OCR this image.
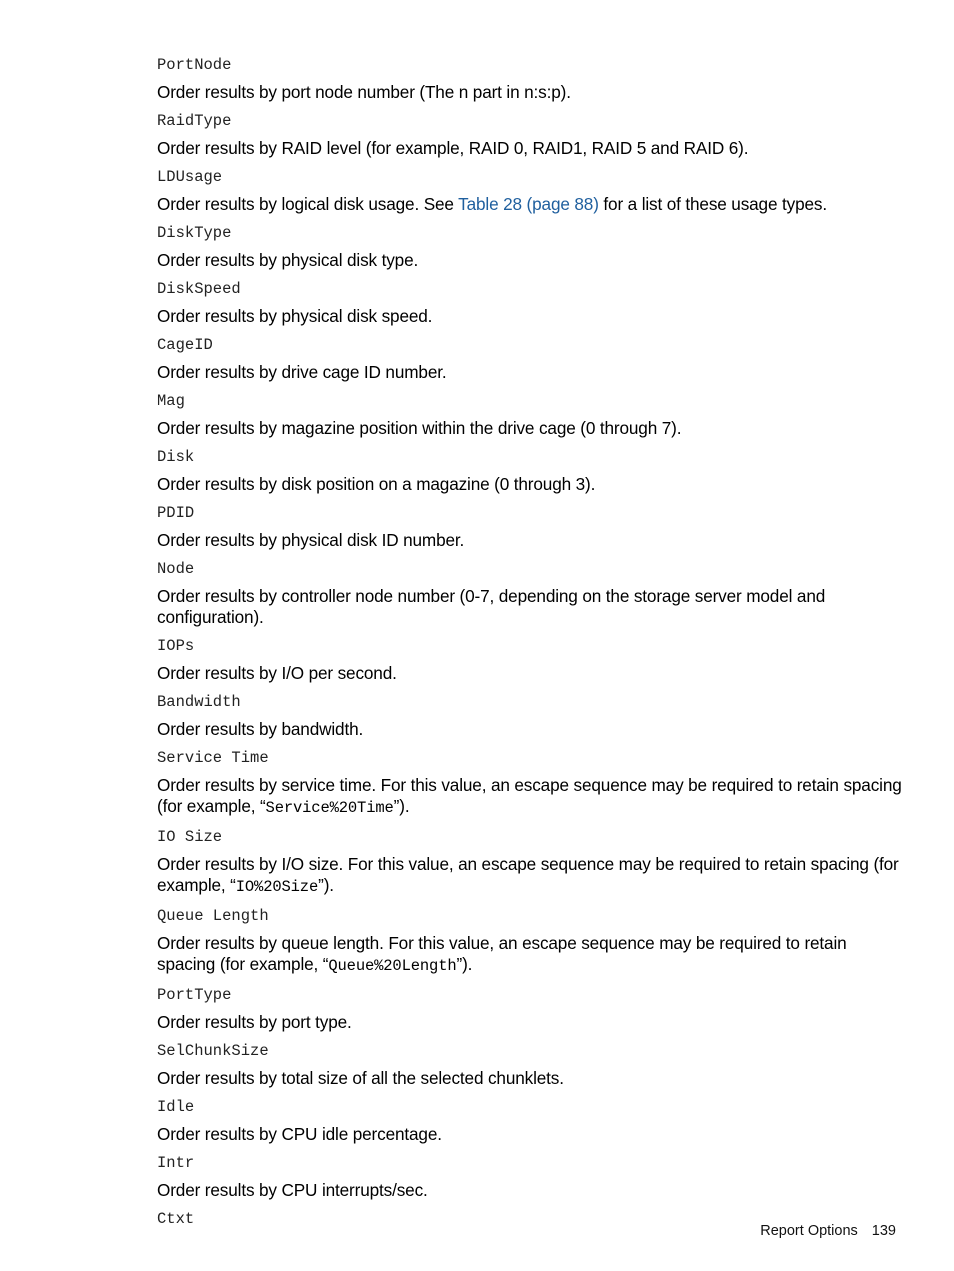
PortNode

Order results by port node number (The n part in n:s:p).

RaidType

Order results by RAID level (for example, RAID 0, RAID1, RAID 5 and RAID 6).

LDUsage

Order results by logical disk usage. See Table 28 (page 88) for a list of these usage types.

DiskType

Order results by physical disk type.

DiskSpeed

Order results by physical disk speed.

CageID

Order results by drive cage ID number.

Mag

Order results by magazine position within the drive cage (0 through 7).

Disk

Order results by disk position on a magazine (0 through 3).

PDID

Order results by physical disk ID number.

Node

Order results by controller node number (0-7, depending on the storage server model and configuration).

IOPs

Order results by I/O per second.

Bandwidth

Order results by bandwidth.

Service Time

Order results by service time. For this value, an escape sequence may be required to retain spacing (for example, “Service%20Time”).

IO Size

Order results by I/O size. For this value, an escape sequence may be required to retain spacing (for example, “IO%20Size”).

Queue Length

Order results by queue length. For this value, an escape sequence may be required to retain spacing (for example, “Queue%20Length”).

PortType

Order results by port type.

SelChunkSize

Order results by total size of all the selected chunklets.

Idle

Order results by CPU idle percentage.

Intr

Order results by CPU interrupts/sec.

Ctxt
Report Options 139
